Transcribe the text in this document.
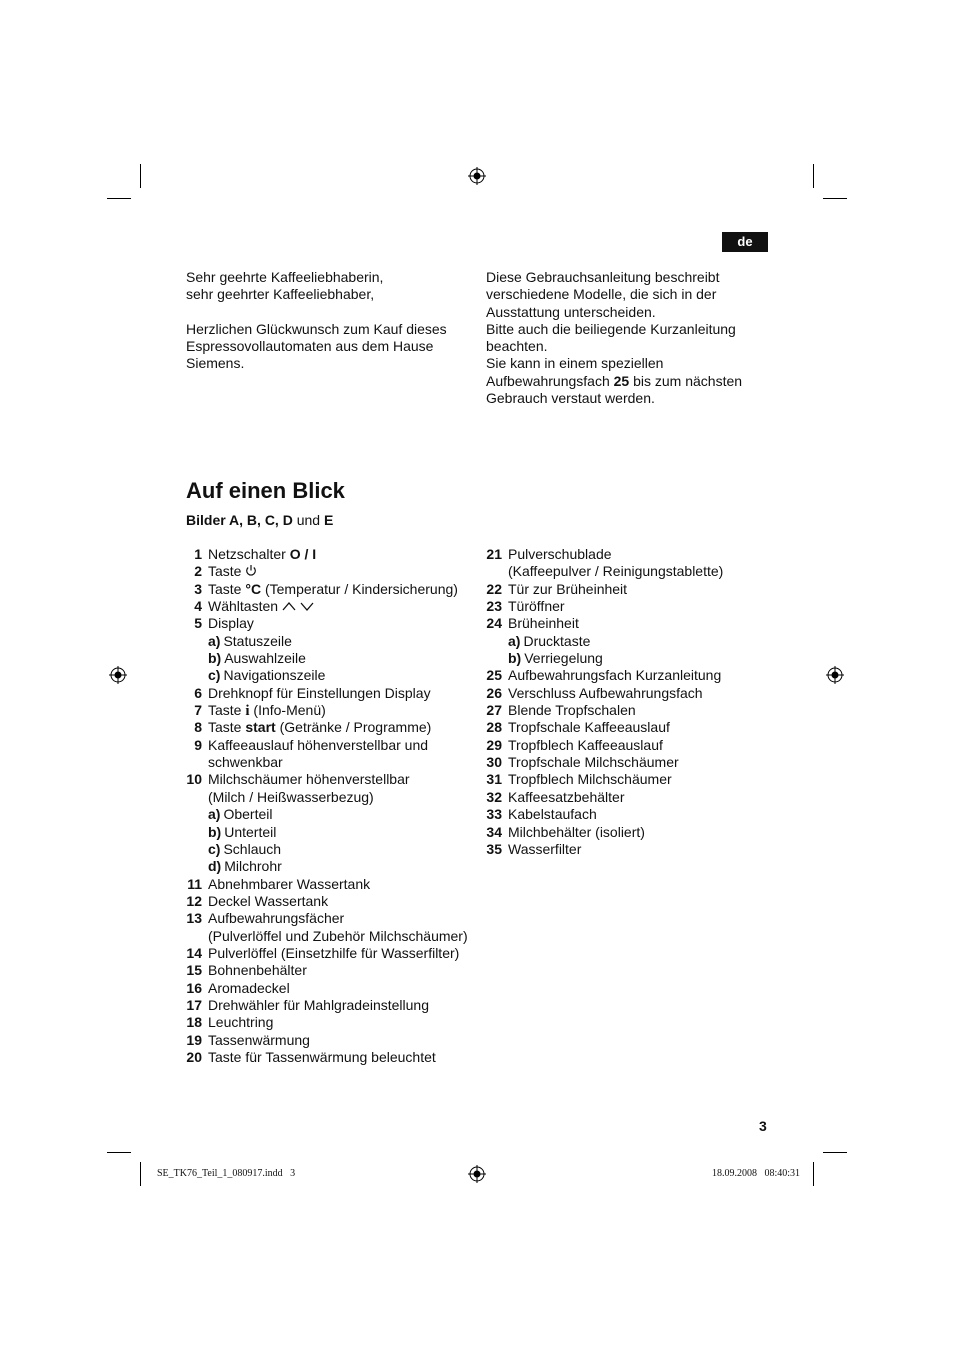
de
Sehr geehrte Kaffeeliebhaberin,
sehr geehrter Kaffeeliebhaber,

Herzlichen Glückwunsch zum Kauf dieses
Espressovollautomaten aus dem Hause
Siemens.
Diese Gebrauchsanleitung beschreibt
verschiedene Modelle, die sich in der
Ausstattung unterscheiden.
Bitte auch die beiliegende Kurzanleitung
beachten.
Sie kann in einem speziellen
Aufbewahrungsfach 25 bis zum nächsten
Gebrauch verstaut werden.
Auf einen Blick
Bilder A, B, C, D und E
1 Netzschalter O / I
2 Taste
3 Taste °C (Temperatur / Kindersicherung)
4 Wähltasten
5 Display
a) Statuszeile
b) Auswahlzeile
c) Navigationszeile
6 Drehknopf für Einstellungen Display
7 Taste i (Info-Menü)
8 Taste start (Getränke / Programme)
9 Kaffeeauslauf höhenverstellbar und
schwenkbar
10 Milchschäumer höhenverstellbar
(Milch / Heißwasserbezug)
a) Oberteil
b) Unterteil
c) Schlauch
d) Milchrohr
11 Abnehmbarer Wassertank
12 Deckel Wassertank
13 Aufbewahrungsfächer
(Pulverlöffel und Zubehör Milchschäumer)
14 Pulverlöffel (Einsetzhilfe für Wasserfilter)
15 Bohnenbehälter
16 Aromadeckel
17 Drehwähler für Mahlgradeinstellung
18 Leuchtring
19 Tassenwärmung
20 Taste für Tassenwärmung beleuchtet
21 Pulverschublade
(Kaffeepulver / Reinigungstablette)
22 Tür zur Brüheinheit
23 Türöffner
24 Brüheinheit
a) Drucktaste
b) Verriegelung
25 Aufbewahrungsfach Kurzanleitung
26 Verschluss Aufbewahrungsfach
27 Blende Tropfschalen
28 Tropfschale Kaffeeauslauf
29 Tropfblech Kaffeeauslauf
30 Tropfschale Milchschäumer
31 Tropfblech Milchschäumer
32 Kaffeesatzbehälter
33 Kabelstaufach
34 Milchbehälter (isoliert)
35 Wasserfilter
3
SE_TK76_Teil_1_080917.indd   3	18.09.2008   08:40:31
